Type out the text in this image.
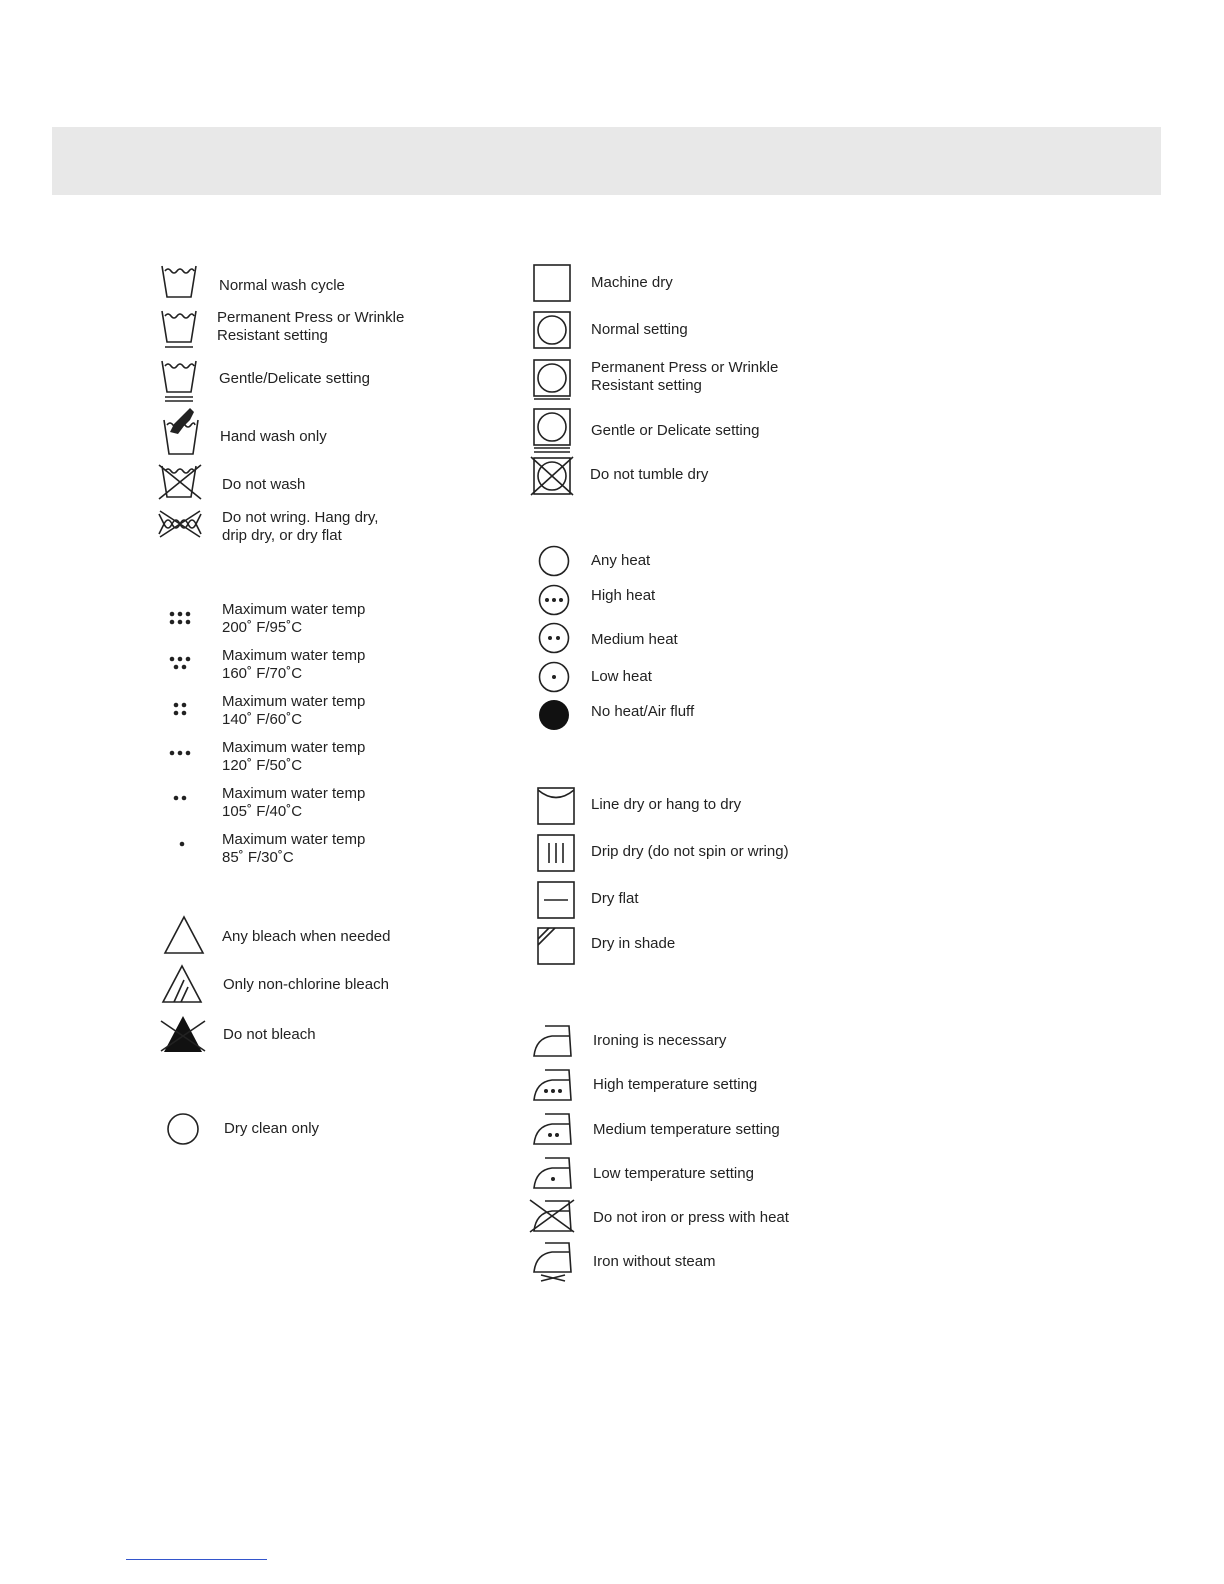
Normal wash cycle
Permanent Press or Wrinkle
Resistant setting
Gentle/Delicate setting
Hand wash only
Do not wash
Do not wring. Hang dry,
drip dry, or dry flat
Maximum water temp
200˚ F/95˚C
Maximum water temp
160˚ F/70˚C
Maximum water temp
140˚ F/60˚C
Maximum water temp
120˚ F/50˚C
Maximum water temp
105˚ F/40˚C
Maximum water temp
85˚ F/30˚C
Any bleach when needed
Only non-chlorine bleach
Do not bleach
Dry clean only
Machine dry
Normal setting
Permanent Press or Wrinkle
Resistant setting
Gentle or Delicate setting
Do not tumble dry
Any heat
High heat
Medium heat
Low heat
No heat/Air fluff
Line dry or hang to dry
Drip dry (do not spin or wring)
Dry flat
Dry in shade
Ironing is necessary
High temperature setting
Medium temperature setting
Low temperature setting
Do not iron or press with heat
Iron without steam
